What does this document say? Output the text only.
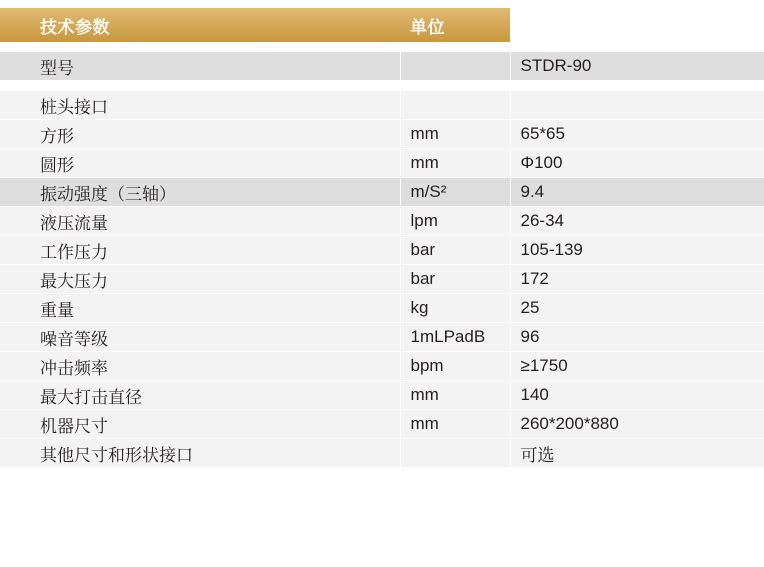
技术参数	单位	

型号		STDR-90

桩头接口		
方形	mm	65*65
圆形	mm	Φ100
振动强度（三轴）	m/S²	9.4
液压流量	lpm	26-34
工作压力	bar	105-139
最大压力	bar	172
重量	kg	25
噪音等级	1mLPadB	96
冲击频率	bpm	≥1750
最大打击直径	mm	140
机器尺寸	mm	260*200*880
其他尺寸和形状接口		可选
